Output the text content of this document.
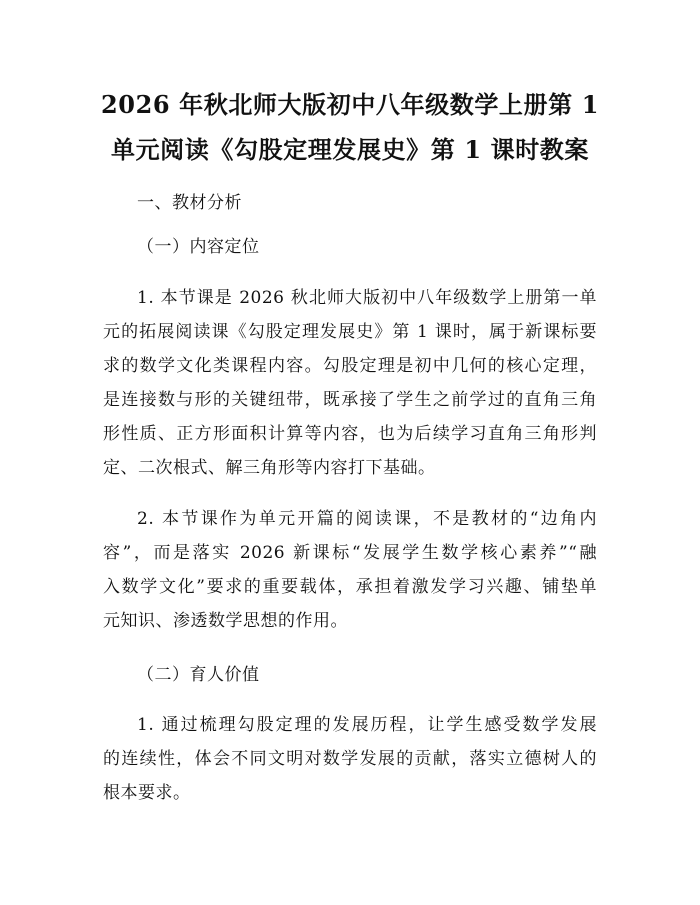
2026 年秋北师大版初中八年级数学上册第 1
单元阅读《勾股定理发展史》第 1 课时教案
一、教材分析
（一）内容定位
1. 本节课是 2026 秋北师大版初中八年级数学上册第一单
元的拓展阅读课《勾股定理发展史》第 1 课时，属于新课标要
求的数学文化类课程内容。勾股定理是初中几何的核心定理，
是连接数与形的关键纽带，既承接了学生之前学过的直角三角
形性质、正方形面积计算等内容，也为后续学习直角三角形判
定、二次根式、解三角形等内容打下基础。
2. 本节课作为单元开篇的阅读课，不是教材的“边角内
容”，而是落实 2026 新课标“发展学生数学核心素养”“融
入数学文化”要求的重要载体，承担着激发学习兴趣、铺垫单
元知识、渗透数学思想的作用。
（二）育人价值
1. 通过梳理勾股定理的发展历程，让学生感受数学发展
的连续性，体会不同文明对数学发展的贡献，落实立德树人的
根本要求。
